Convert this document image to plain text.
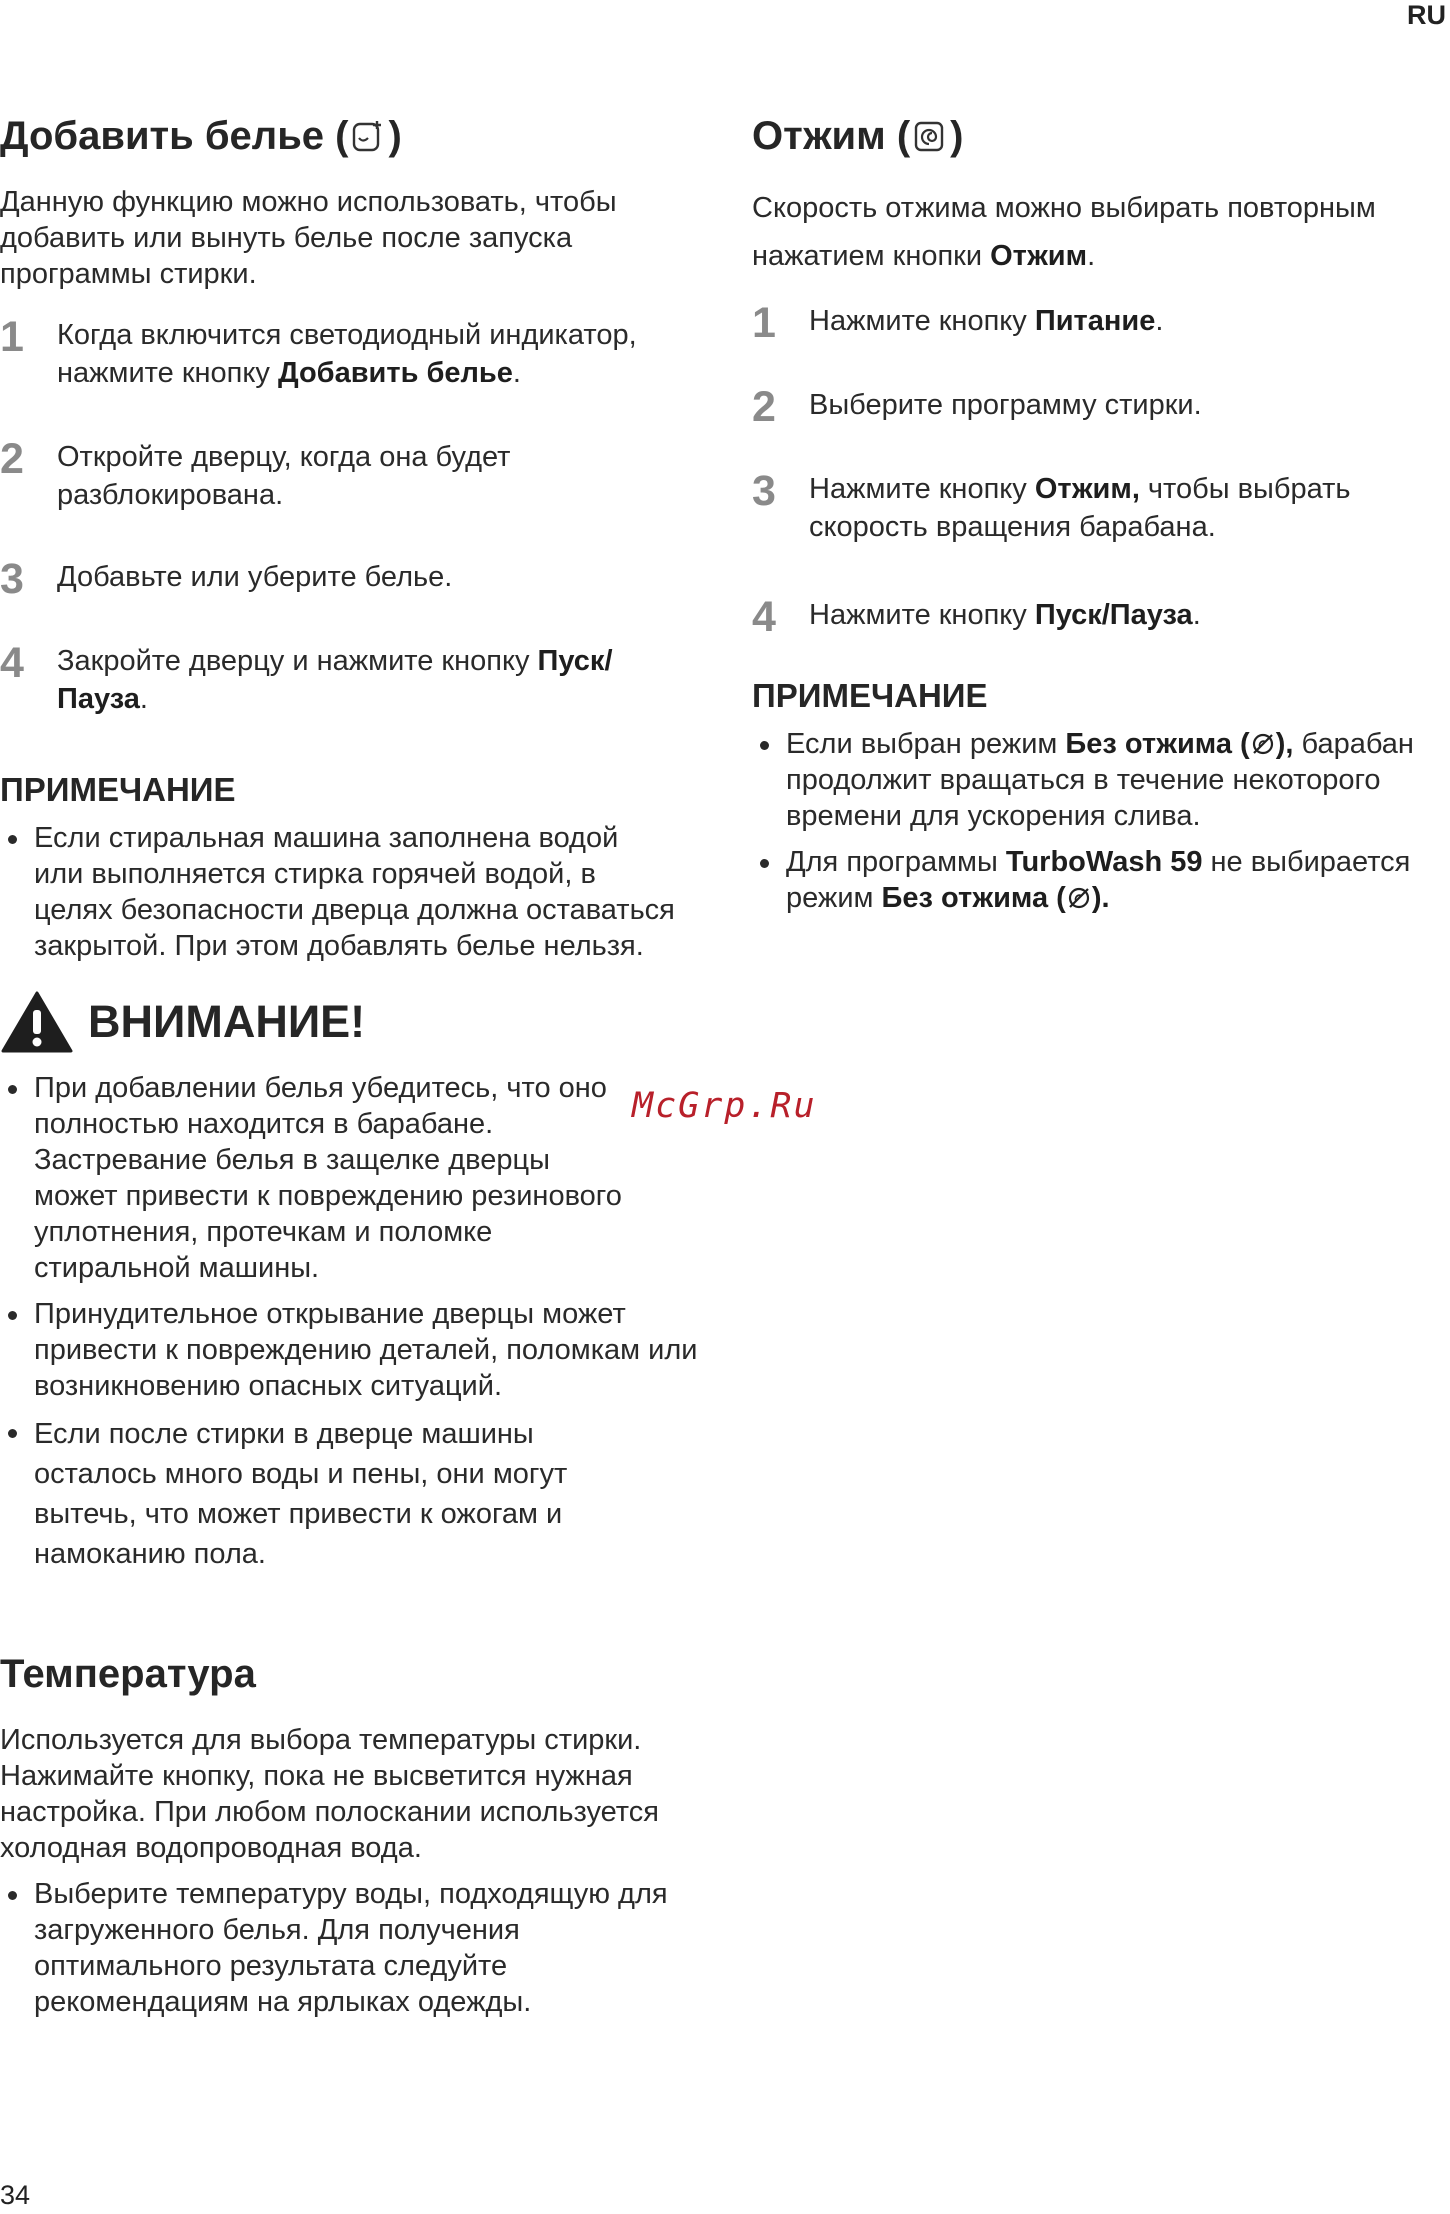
RU
34
McGrp.Ru
Добавить белье ( )

Данную функцию можно использовать, чтобы добавить или вынуть белье после запуска программы стирки.

1 Когда включится светодиодный индикатор, нажмите кнопку Добавить белье.
2 Откройте дверцу, когда она будет разблокирована.
3 Добавьте или уберите белье.
4 Закройте дверцу и нажмите кнопку Пуск/ Пауза.

ПРИМЕЧАНИЕ

Если стиральная машина заполнена водой или выполняется стирка горячей водой, в целях безопасности дверца должна оставаться закрытой. При этом добавлять белье нельзя.
ВНИМАНИЕ!
При добавлении белья убедитесь, что оно полностью находится в барабане. Застревание белья в защелке дверцы может привести к повреждению резинового уплотнения, протечкам и поломке стиральной машины.
Принудительное открывание дверцы может привести к повреждению деталей, поломкам или возникновению опасных ситуаций.
Если после стирки в дверце машины осталось много воды и пены, они могут вытечь, что может привести к ожогам и намоканию пола.
Температура

Используется для выбора температуры стирки. Нажимайте кнопку, пока не высветится нужная настройка. При любом полоскании используется холодная водопроводная вода.

Выберите температуру воды, подходящую для загруженного белья. Для получения оптимального результата следуйте рекомендациям на ярлыках одежды.
Отжим ( )

Скорость отжима можно выбирать повторным нажатием кнопки Отжим.

1 Нажмите кнопку Питание.
2 Выберите программу стирки.
3 Нажмите кнопку Отжим, чтобы выбрать скорость вращения барабана.
4 Нажмите кнопку Пуск/Пауза.

ПРИМЕЧАНИЕ

Если выбран режим Без отжима ( ), барабан продолжит вращаться в течение некоторого времени для ускорения слива.
Для программы TurboWash 59 не выбирается режим Без отжима ( ).
